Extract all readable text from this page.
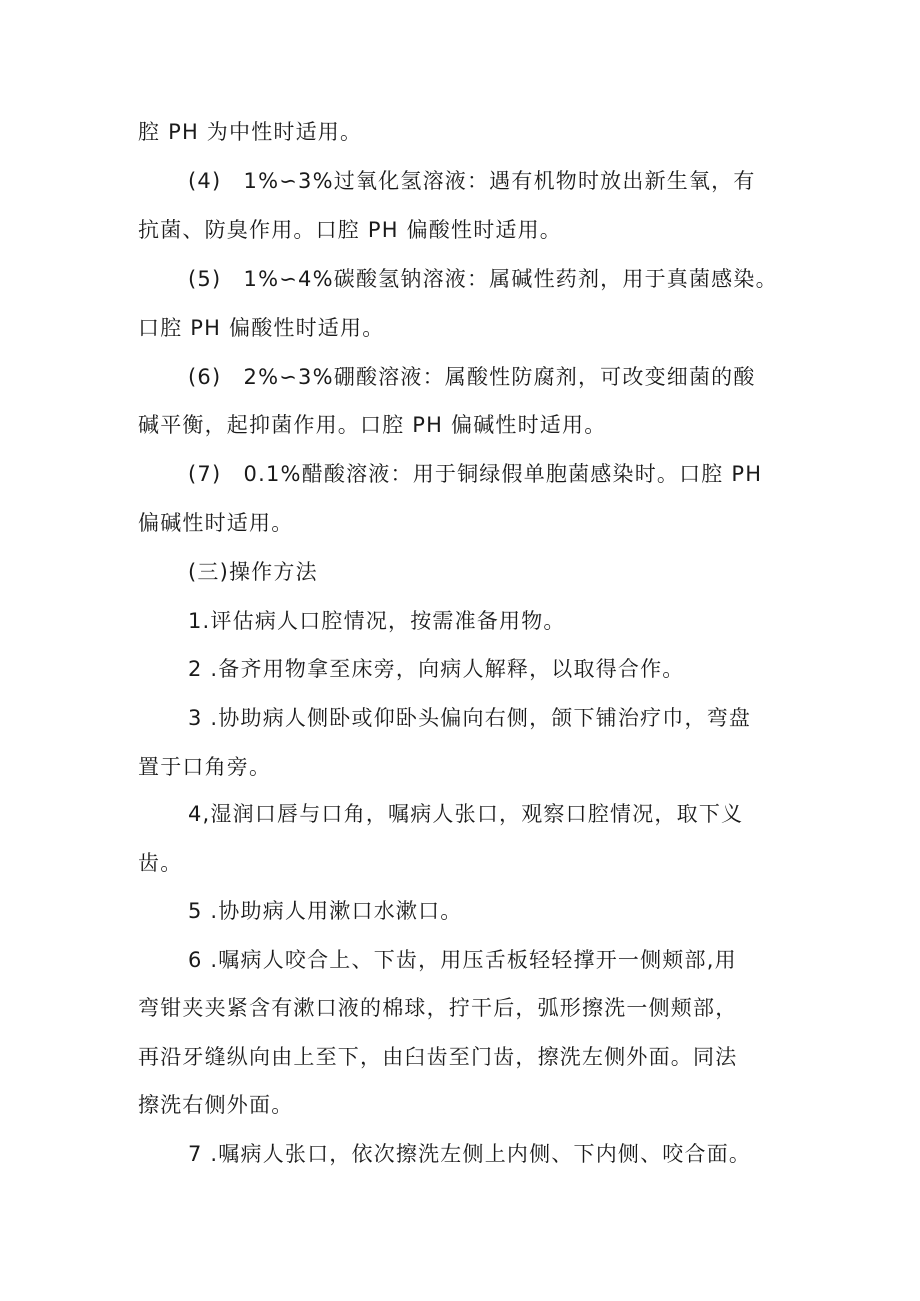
腔 PH 为中性时适用。
(4)　1%∽3%过氧化氢溶液：遇有机物时放出新生氧，有
抗菌、防臭作用。口腔 PH 偏酸性时适用。
(5)　1%∽4%碳酸氢钠溶液：属碱性药剂，用于真菌感染。
口腔 PH 偏酸性时适用。
(6)　2%∽3%硼酸溶液：属酸性防腐剂，可改变细菌的酸
碱平衡，起抑菌作用。口腔 PH 偏碱性时适用。
(7)　0.1%醋酸溶液：用于铜绿假单胞菌感染时。口腔 PH
偏碱性时适用。
(三)操作方法
1.评估病人口腔情况，按需准备用物。
2 .备齐用物拿至床旁，向病人解释，以取得合作。
3 .协助病人侧卧或仰卧头偏向右侧，颌下铺治疗巾，弯盘
置于口角旁。
4,湿润口唇与口角，嘱病人张口，观察口腔情况，取下义
齿。
5 .协助病人用漱口水漱口。
6 .嘱病人咬合上、下齿，用压舌板轻轻撑开一侧颊部,用
弯钳夹夹紧含有漱口液的棉球，拧干后，弧形擦洗一侧颊部，
再沿牙缝纵向由上至下，由臼齿至门齿，擦洗左侧外面。同法
擦洗右侧外面。
7 .嘱病人张口，依次擦洗左侧上内侧、下内侧、咬合面。
